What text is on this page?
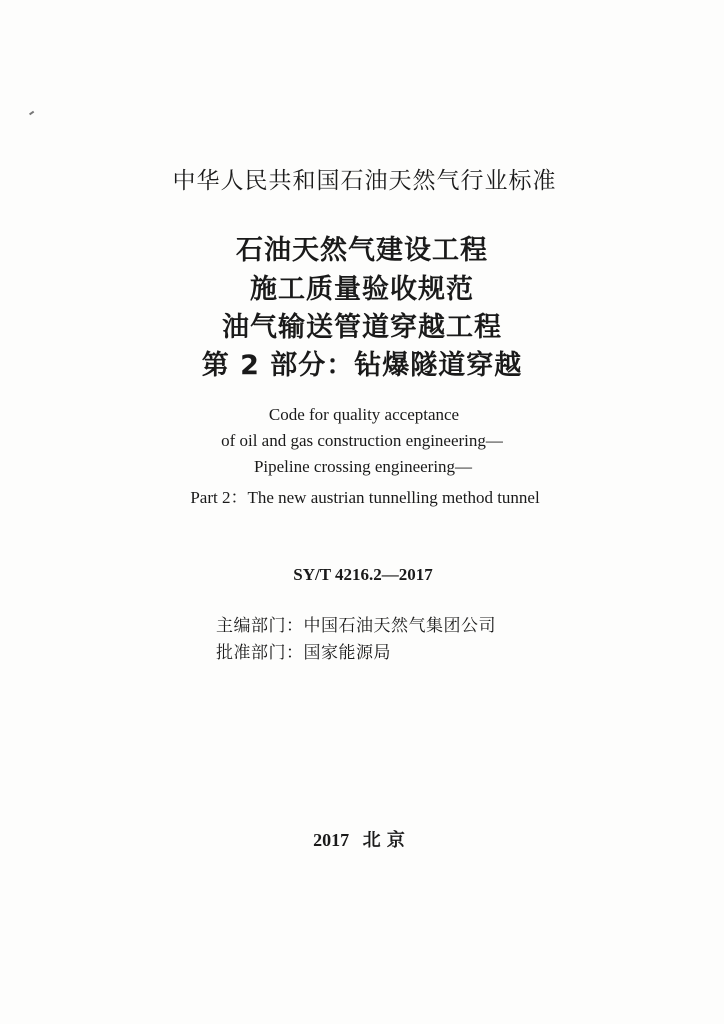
中华人民共和国石油天然气行业标准
石油天然气建设工程
施工质量验收规范
油气输送管道穿越工程
第 2 部分：钻爆隧道穿越
Code for quality acceptance
of oil and gas construction engineering—
Pipeline crossing engineering—
Part 2：The new austrian tunnelling method tunnel
SY/T 4216.2—2017
主编部门：中国石油天然气集团公司
批准部门：国家能源局
2017 北 京
